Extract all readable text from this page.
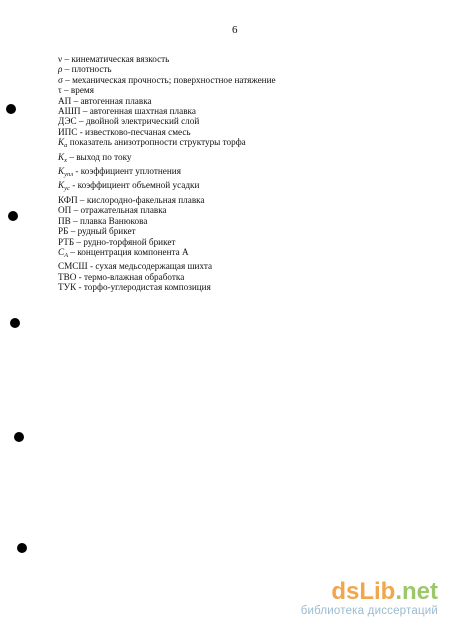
6
ν – кинематическая вязкость
ρ – плотность
σ – механическая прочность; поверхностное натяжение
τ – время
АП – автогенная плавка
АШП – автогенная шахтная плавка
ДЭС – двойной электрический слой
ИПС - известково-песчаная смесь
$K_a$ показатель анизотропности структуры торфа
$K_x$ – выход по току
$K_{упл}$ - коэффициент уплотнения
$K_{ус}$ - коэффициент объемной усадки
КФП – кислородно-факельная плавка
ОП – отражательная плавка
ПВ – плавка Ванюкова
РБ – рудный брикет
РТБ – рудно-торфяной брикет
$C_A$ – концентрация компонента А
СМСШ - сухая медьсодержащая шихта
ТВО - термо-влажная обработка
ТУК - торфо-углеродистая композиция
dsLib.net
библиотека диссертаций
